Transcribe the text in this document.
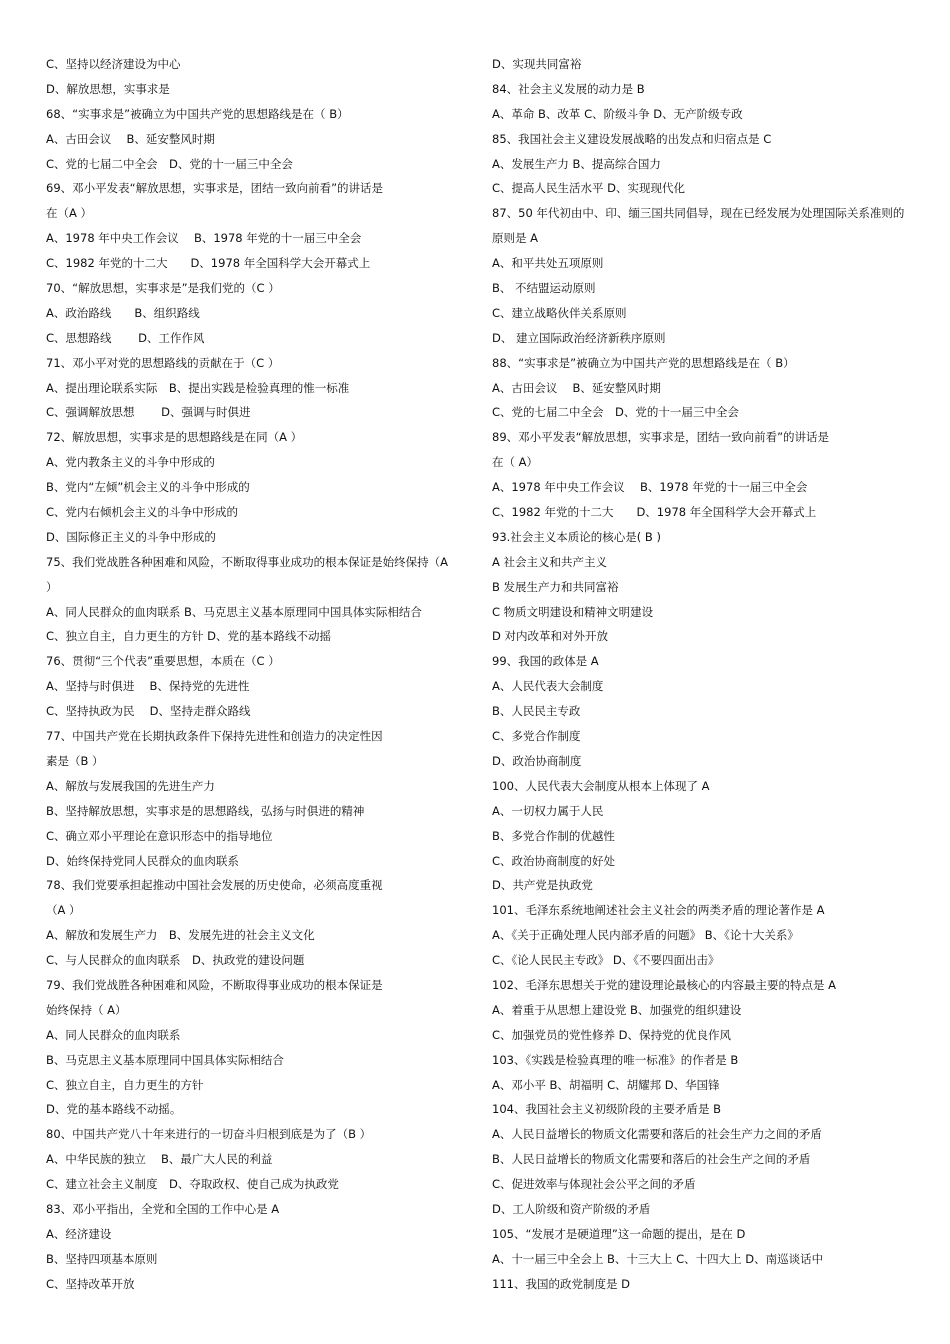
C、坚持以经济建设为中心
D、解放思想，实事求是
68、“实事求是”被确立为中国共产党的思想路线是在（ B）
A、古田会议　 B、延安整风时期
C、党的七届二中全会　D、党的十一届三中全会
69、邓小平发表“解放思想，实事求是，团结一致向前看”的讲话是
在（A ）
A、1978 年中央工作会议　 B、1978 年党的十一届三中全会
C、1982 年党的十二大　　D、1978 年全国科学大会开幕式上
70、“解放思想，实事求是”是我们党的（C ）
A、政治路线　　B、组织路线
C、思想路线　　 D、工作作风
71、邓小平对党的思想路线的贡献在于（C ）
A、提出理论联系实际　B、提出实践是检验真理的惟一标准
C、强调解放思想　　 D、强调与时俱进
72、解放思想，实事求是的思想路线是在同（A ）
A、党内教条主义的斗争中形成的
B、党内“左倾”机会主义的斗争中形成的
C、党内右倾机会主义的斗争中形成的
D、国际修正主义的斗争中形成的
75、我们党战胜各种困难和风险，不断取得事业成功的根本保证是始终保持（A
）
A、同人民群众的血肉联系 B、马克思主义基本原理同中国具体实际相结合
C、独立自主，自力更生的方针 D、党的基本路线不动摇
76、贯彻“三个代表”重要思想，本质在（C ）
A、坚持与时俱进　 B、保持党的先进性
C、坚持执政为民　 D、坚持走群众路线
77、中国共产党在长期执政条件下保持先进性和创造力的决定性因
素是（B ）
A、解放与发展我国的先进生产力
B、坚持解放思想，实事求是的思想路线，弘扬与时俱进的精神
C、确立邓小平理论在意识形态中的指导地位
D、始终保持党同人民群众的血肉联系
78、我们党要承担起推动中国社会发展的历史使命，必须高度重视
（A ）
A、解放和发展生产力　B、发展先进的社会主义文化
C、与人民群众的血肉联系　D、执政党的建设问题
79、我们党战胜各种困难和风险，不断取得事业成功的根本保证是
始终保持（ A）
A、同人民群众的血肉联系
B、马克思主义基本原理同中国具体实际相结合
C、独立自主，自力更生的方针
D、党的基本路线不动摇。
80、中国共产党八十年来进行的一切奋斗归根到底是为了（B ）
A、中华民族的独立　 B、最广大人民的利益
C、建立社会主义制度　D、夺取政权、使自己成为执政党
83、邓小平指出，全党和全国的工作中心是 A
A、经济建设
B、坚持四项基本原则
C、坚持改革开放
D、实现共同富裕
84、社会主义发展的动力是 B
A、革命 B、改革 C、阶级斗争 D、无产阶级专政
85、我国社会主义建设发展战略的出发点和归宿点是 C
A、发展生产力 B、提高综合国力
C、提高人民生活水平 D、实现现代化
87、50 年代初由中、印、缅三国共同倡导，现在已经发展为处理国际关系准则的
原则是 A
A、和平共处五项原则
B、 不结盟运动原则
C、建立战略伙伴关系原则
D、 建立国际政治经济新秩序原则
88、“实事求是”被确立为中国共产党的思想路线是在（ B）
A、古田会议　 B、延安整风时期
C、党的七届二中全会　D、党的十一届三中全会
89、邓小平发表“解放思想，实事求是，团结一致向前看”的讲话是
在（ A）
A、1978 年中央工作会议　 B、1978 年党的十一届三中全会
C、1982 年党的十二大　　D、1978 年全国科学大会开幕式上
93.社会主义本质论的核心是( B )
A 社会主义和共产主义
B 发展生产力和共同富裕
C 物质文明建设和精神文明建设
D 对内改革和对外开放
99、我国的政体是 A
A、人民代表大会制度
B、人民民主专政
C、多党合作制度
D、政治协商制度
100、人民代表大会制度从根本上体现了 A
A、一切权力属于人民
B、多党合作制的优越性
C、政治协商制度的好处
D、共产党是执政党
101、毛泽东系统地阐述社会主义社会的两类矛盾的理论著作是 A
A、《关于正确处理人民内部矛盾的问题》 B、《论十大关系》
C、《论人民民主专政》 D、《不要四面出击》
102、毛泽东思想关于党的建设理论最核心的内容最主要的特点是 A
A、着重于从思想上建设党 B、加强党的组织建设
C、加强党员的党性修养 D、保持党的优良作风
103、《实践是检验真理的唯一标准》的作者是 B
A、邓小平 B、胡福明 C、胡耀邦 D、华国锋
104、我国社会主义初级阶段的主要矛盾是 B
A、人民日益增长的物质文化需要和落后的社会生产力之间的矛盾
B、人民日益增长的物质文化需要和落后的社会生产之间的矛盾
C、促进效率与体现社会公平之间的矛盾
D、工人阶级和资产阶级的矛盾
105、“发展才是硬道理”这一命题的提出，是在 D
A、十一届三中全会上 B、十三大上 C、十四大上 D、南巡谈话中
111、我国的政党制度是 D
